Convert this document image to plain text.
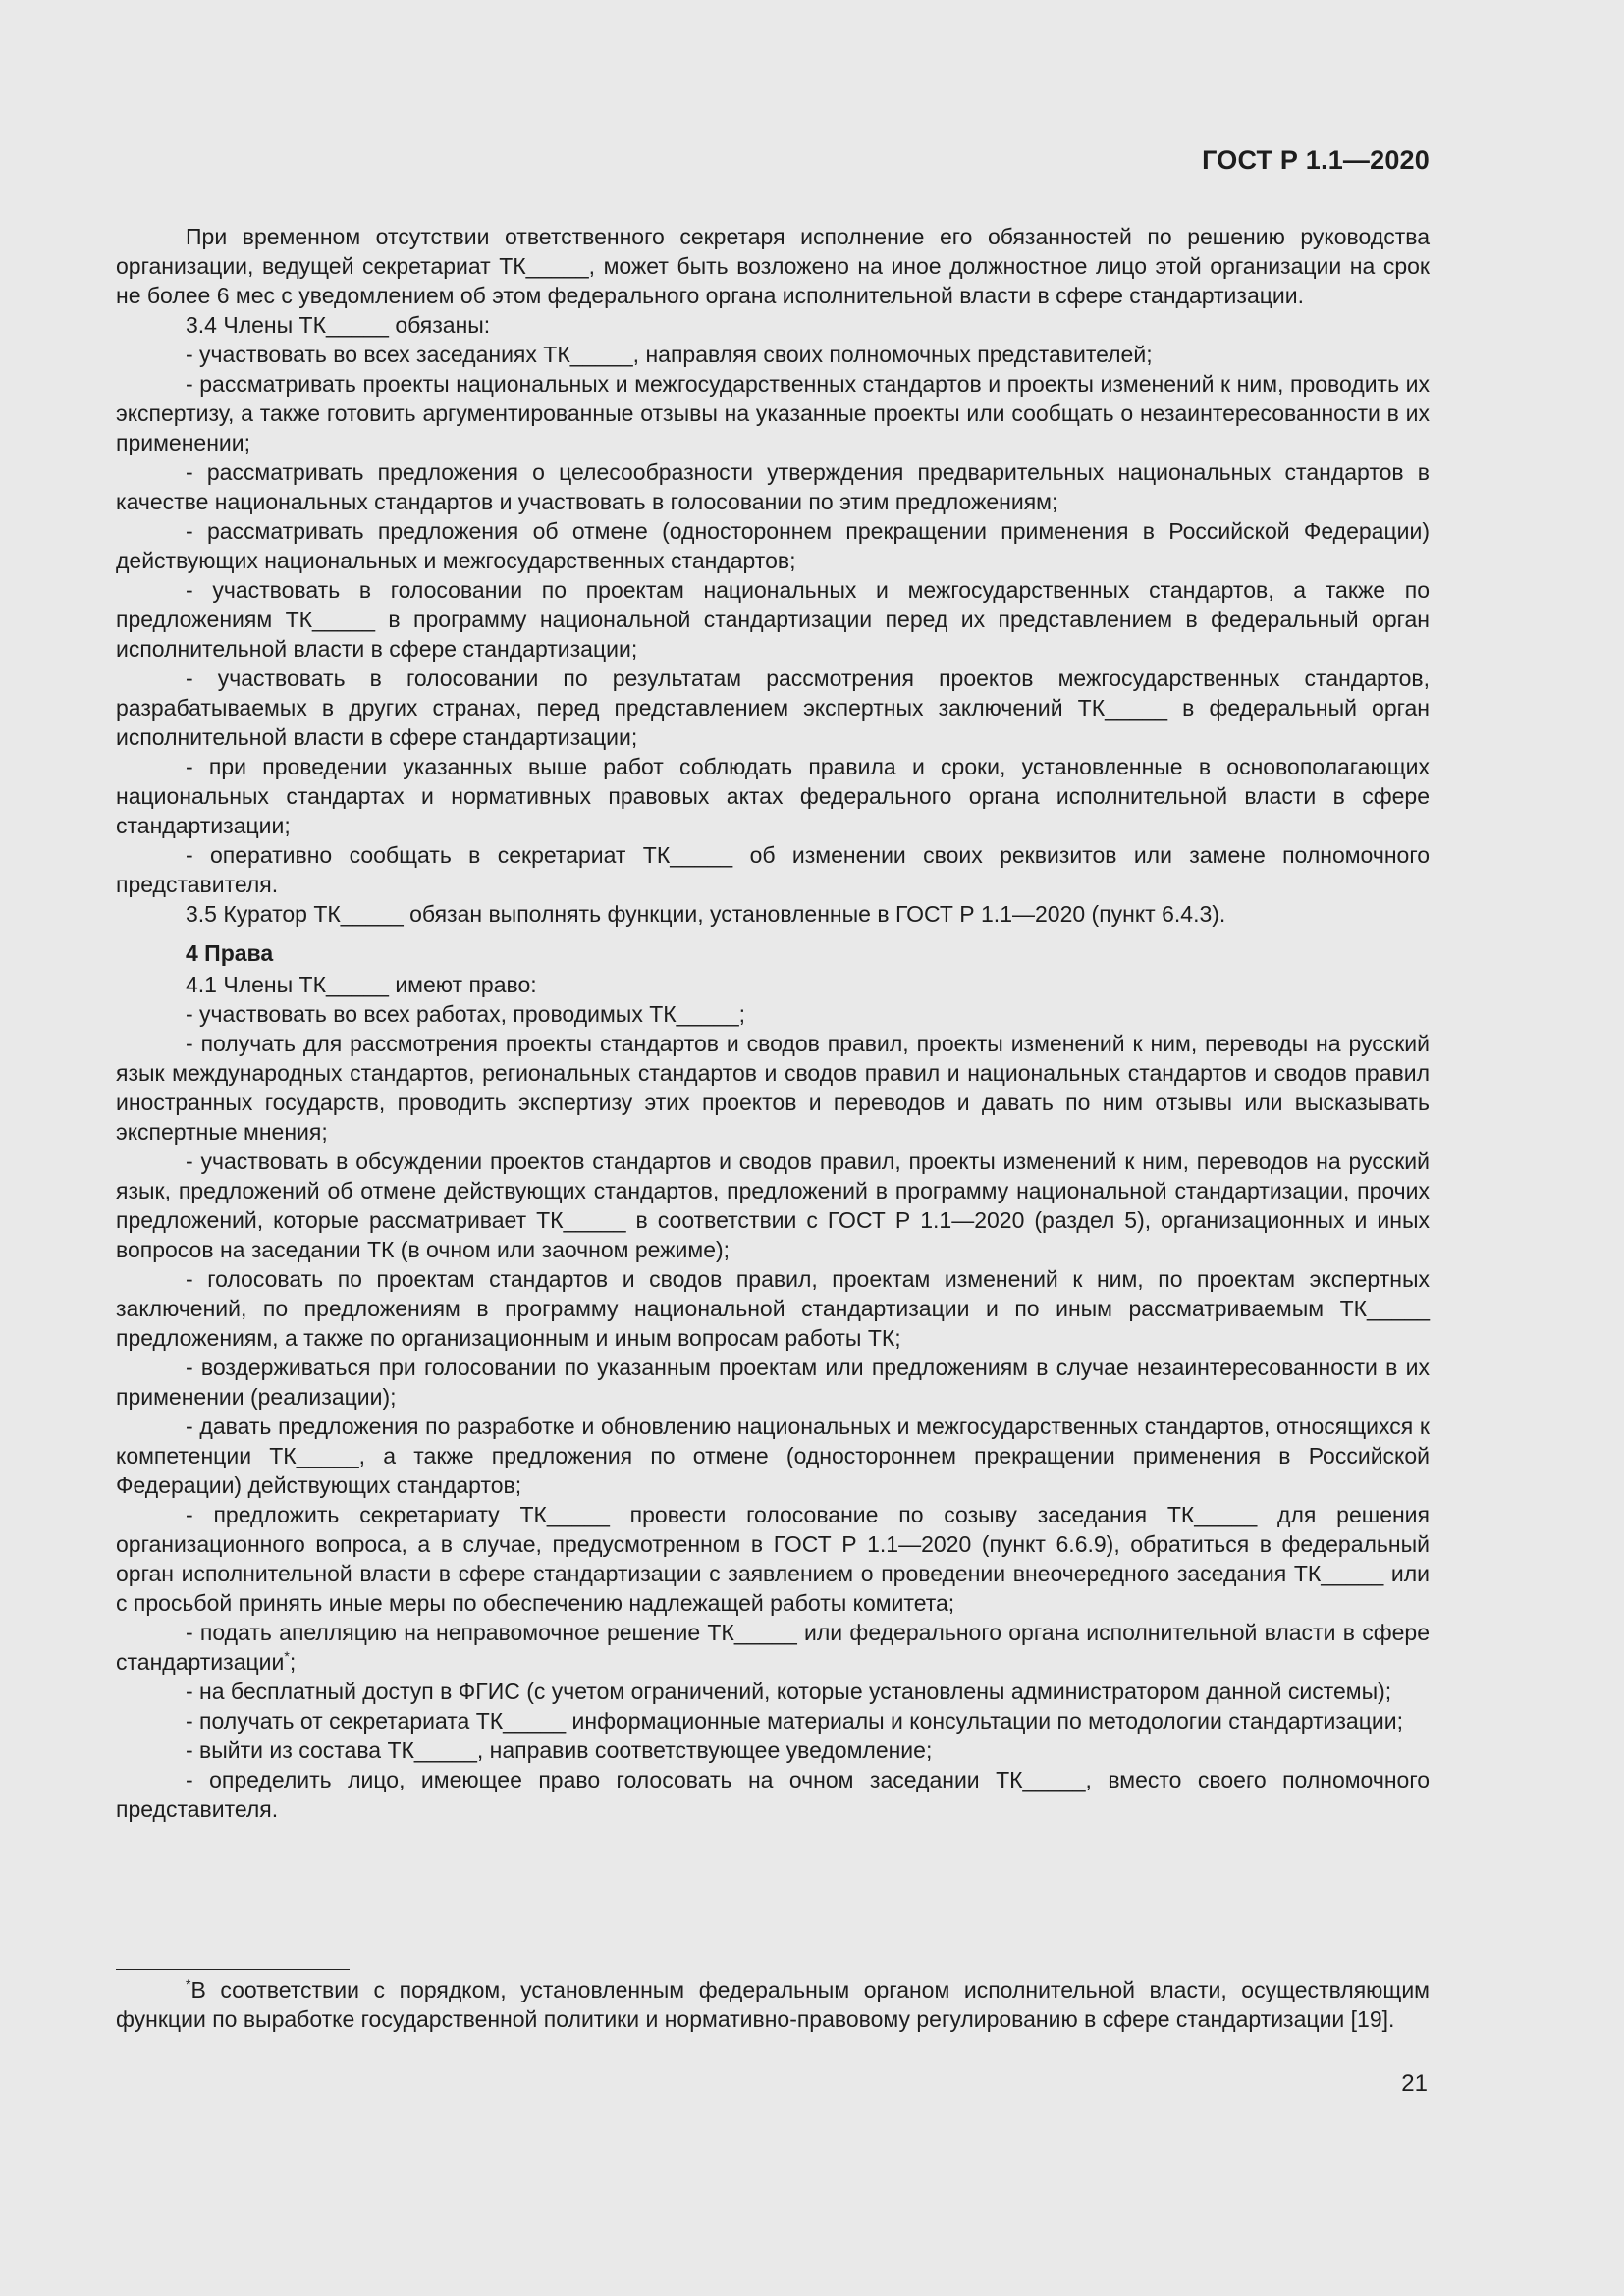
ГОСТ Р 1.1—2020

При временном отсутствии ответственного секретаря исполнение его обязанностей по решению руководства организации, ведущей секретариат ТК_____, может быть возложено на иное должностное лицо этой организации на срок не более 6 мес с уведомлением об этом федерального органа исполнительной власти в сфере стандартизации.

3.4 Члены ТК_____ обязаны:

- участвовать во всех заседаниях ТК_____, направляя своих полномочных представителей;

- рассматривать проекты национальных и межгосударственных стандартов и проекты изменений к ним, проводить их экспертизу, а также готовить аргументированные отзывы на указанные проекты или сообщать о незаинтересованности в их применении;

- рассматривать предложения о целесообразности утверждения предварительных национальных стандартов в качестве национальных стандартов и участвовать в голосовании по этим предложениям;

- рассматривать предложения об отмене (одностороннем прекращении применения в Российской Федерации) действующих национальных и межгосударственных стандартов;

- участвовать в голосовании по проектам национальных и межгосударственных стандартов, а также по предложениям ТК_____ в программу национальной стандартизации перед их представлением в федеральный орган исполнительной власти в сфере стандартизации;

- участвовать в голосовании по результатам рассмотрения проектов межгосударственных стандартов, разрабатываемых в других странах, перед представлением экспертных заключений ТК_____ в федеральный орган исполнительной власти в сфере стандартизации;

- при проведении указанных выше работ соблюдать правила и сроки, установленные в основополагающих национальных стандартах и нормативных правовых актах федерального органа исполнительной власти в сфере стандартизации;

- оперативно сообщать в секретариат ТК_____ об изменении своих реквизитов или замене полномочного представителя.

3.5 Куратор ТК_____ обязан выполнять функции, установленные в ГОСТ Р 1.1—2020 (пункт 6.4.3).

4 Права

4.1 Члены ТК_____ имеют право:

- участвовать во всех работах, проводимых ТК_____;

- получать для рассмотрения проекты стандартов и сводов правил, проекты изменений к ним, переводы на русский язык международных стандартов, региональных стандартов и сводов правил и национальных стандартов и сводов правил иностранных государств, проводить экспертизу этих проектов и переводов и давать по ним отзывы или высказывать экспертные мнения;

- участвовать в обсуждении проектов стандартов и сводов правил, проекты изменений к ним, переводов на русский язык, предложений об отмене действующих стандартов, предложений в программу национальной стандартизации, прочих предложений, которые рассматривает ТК_____ в соответствии с ГОСТ Р 1.1—2020 (раздел 5), организационных и иных вопросов на заседании ТК (в очном или заочном режиме);

- голосовать по проектам стандартов и сводов правил, проектам изменений к ним, по проектам экспертных заключений, по предложениям в программу национальной стандартизации и по иным рассматриваемым ТК_____ предложениям, а также по организационным и иным вопросам работы ТК;

- воздерживаться при голосовании по указанным проектам или предложениям в случае незаинтересованности в их применении (реализации);

- давать предложения по разработке и обновлению национальных и межгосударственных стандартов, относящихся к компетенции ТК_____, а также предложения по отмене (одностороннем прекращении применения в Российской Федерации) действующих стандартов;

- предложить секретариату ТК_____ провести голосование по созыву заседания ТК_____ для решения организационного вопроса, а в случае, предусмотренном в ГОСТ Р 1.1—2020 (пункт 6.6.9), обратиться в федеральный орган исполнительной власти в сфере стандартизации с заявлением о проведении внеочередного заседания ТК_____ или с просьбой принять иные меры по обеспечению надлежащей работы комитета;

- подать апелляцию на неправомочное решение ТК_____ или федерального органа исполнительной власти в сфере стандартизации*;

- на бесплатный доступ в ФГИС (с учетом ограничений, которые установлены администратором данной системы);

- получать от секретариата ТК_____ информационные материалы и консультации по методологии стандартизации;

- выйти из состава ТК_____, направив соответствующее уведомление;

- определить лицо, имеющее право голосовать на очном заседании ТК_____, вместо своего полномочного представителя.

*В соответствии с порядком, установленным федеральным органом исполнительной власти, осуществляющим функции по выработке государственной политики и нормативно-правовому регулированию в сфере стандартизации [19].

21
